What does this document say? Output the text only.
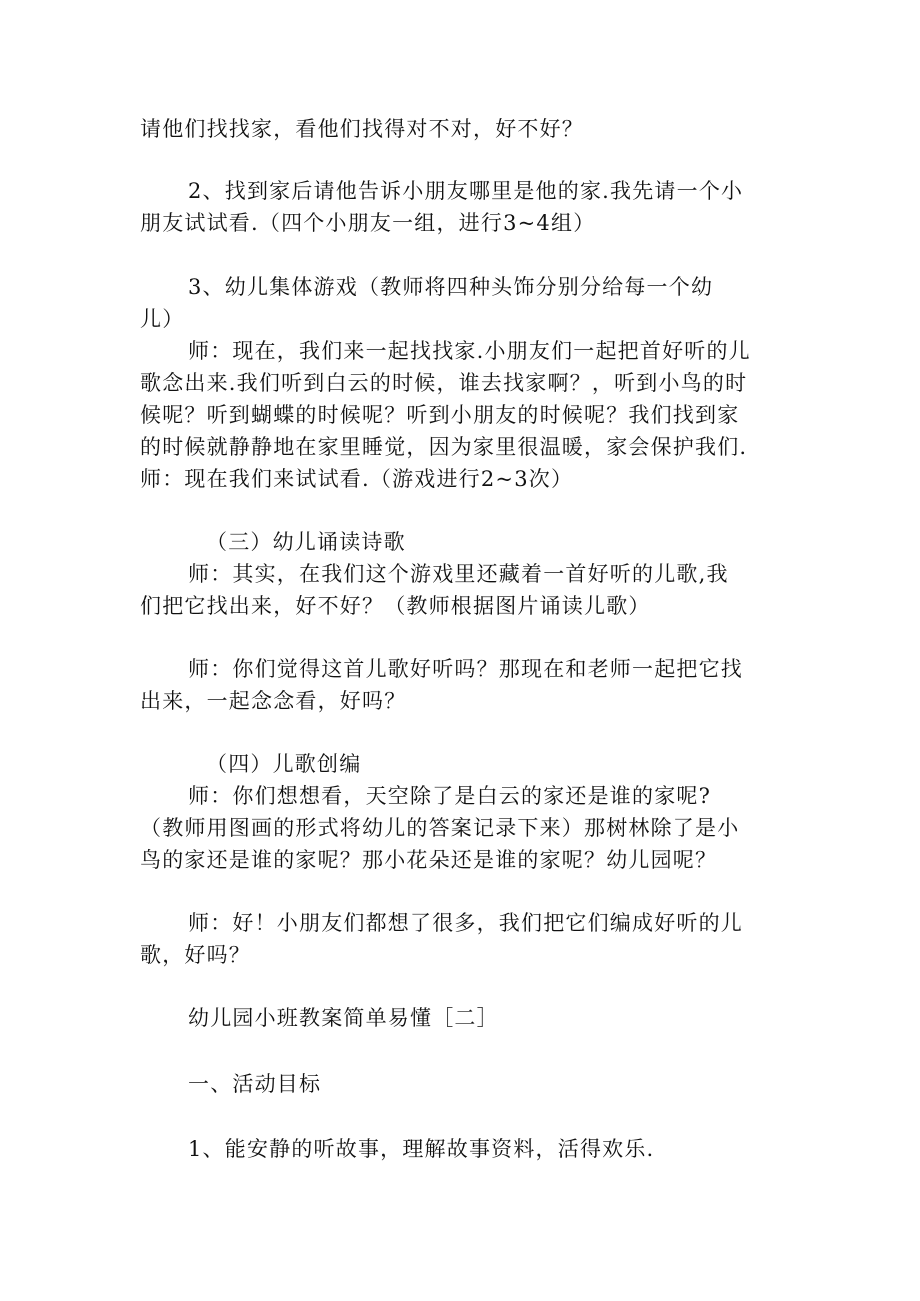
请他们找找家，看他们找得对不对，好不好？
2、找到家后请他告诉小朋友哪里是他的家.我先请一个小
朋友试试看.（四个小朋友一组，进行3~4组）
3、幼儿集体游戏（教师将四种头饰分别分给每一个幼
儿）
师：现在，我们来一起找找家.小朋友们一起把首好听的儿
歌念出来.我们听到白云的时候，谁去找家啊？，听到小鸟的时
候呢？听到蝴蝶的时候呢？听到小朋友的时候呢？我们找到家
的时候就静静地在家里睡觉，因为家里很温暖，家会保护我们.
师：现在我们来试试看.（游戏进行2~3次）
（三）幼儿诵读诗歌
师：其实，在我们这个游戏里还藏着一首好听的儿歌,我
们把它找出来，好不好？（教师根据图片诵读儿歌）
师：你们觉得这首儿歌好听吗？那现在和老师一起把它找
出来，一起念念看，好吗？
（四）儿歌创编
师：你们想想看，天空除了是白云的家还是谁的家呢?
（教师用图画的形式将幼儿的答案记录下来）那树林除了是小
鸟的家还是谁的家呢？那小花朵还是谁的家呢？幼儿园呢？
师：好！小朋友们都想了很多，我们把它们编成好听的儿
歌，好吗？
幼儿园小班教案简单易懂［二］
一、活动目标
1、能安静的听故事，理解故事资料，活得欢乐.
